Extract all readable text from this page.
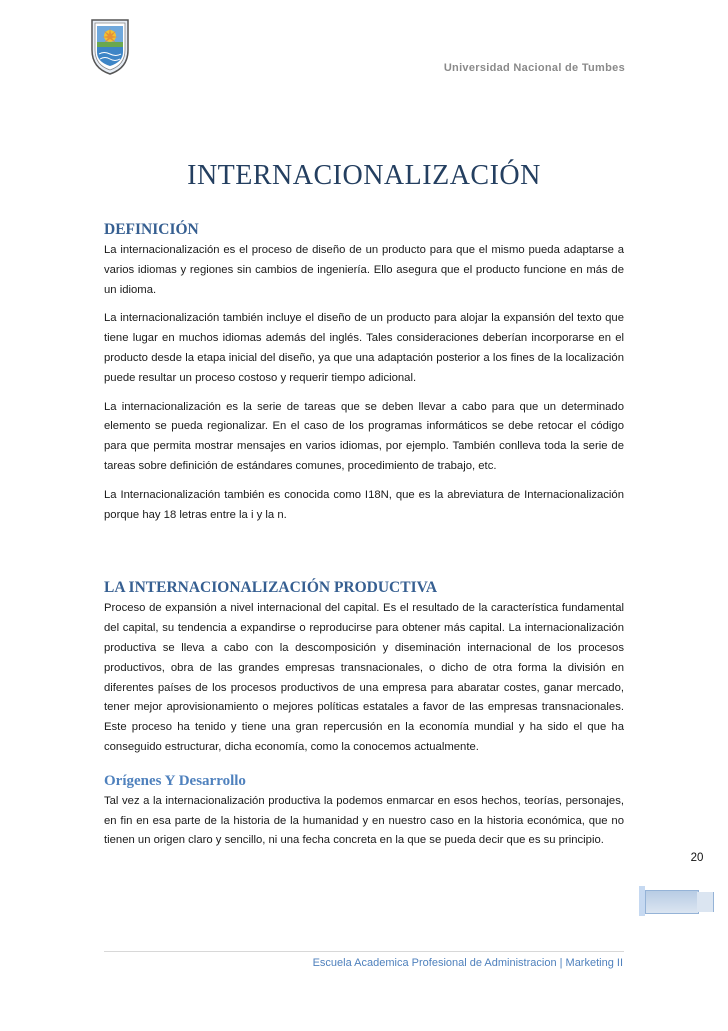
Universidad Nacional de Tumbes
INTERNACIONALIZACIÓN
DEFINICIÓN

La internacionalización es el proceso de diseño de un producto para que el mismo pueda adaptarse a varios idiomas y regiones sin cambios de ingeniería. Ello asegura que el producto funcione en más de un idioma.

La internacionalización también incluye el diseño de un producto para alojar la expansión del texto que tiene lugar en muchos idiomas además del inglés. Tales consideraciones deberían incorporarse en el producto desde la etapa inicial del diseño, ya que una adaptación posterior a los fines de la localización puede resultar un proceso costoso y requerir tiempo adicional.

La internacionalización es la serie de tareas que se deben llevar a cabo para que un determinado elemento se pueda regionalizar. En el caso de los programas informáticos se debe retocar el código para que permita mostrar mensajes en varios idiomas, por ejemplo. También conlleva toda la serie de tareas sobre definición de estándares comunes, procedimiento de trabajo, etc.

La Internacionalización también es conocida como I18N, que es la abreviatura de Internacionalización porque hay 18 letras entre la i y la n.

LA INTERNACIONALIZACIÓN PRODUCTIVA

Proceso de expansión a nivel internacional del capital. Es el resultado de la característica fundamental del capital, su tendencia a expandirse o reproducirse para obtener más capital. La internacionalización productiva se lleva a cabo con la descomposición y diseminación internacional de los procesos productivos, obra de las grandes empresas transnacionales, o dicho de otra forma la división en diferentes países de los procesos productivos de una empresa para abaratar costes, ganar mercado, tener mejor aprovisionamiento o mejores políticas estatales a favor de las empresas transnacionales. Este proceso ha tenido y tiene una gran repercusión en la economía mundial y ha sido el que ha conseguido estructurar, dicha economía, como la conocemos actualmente.

Orígenes Y Desarrollo

Tal vez a la internacionalización productiva la podemos enmarcar en esos hechos, teorías, personajes, en fin en esa parte de la historia de la humanidad y en nuestro caso en la historia económica, que no tienen un origen claro y sencillo, ni una fecha concreta en la que se pueda decir que es su principio.

20
Escuela Academica Profesional de Administracion | Marketing II
